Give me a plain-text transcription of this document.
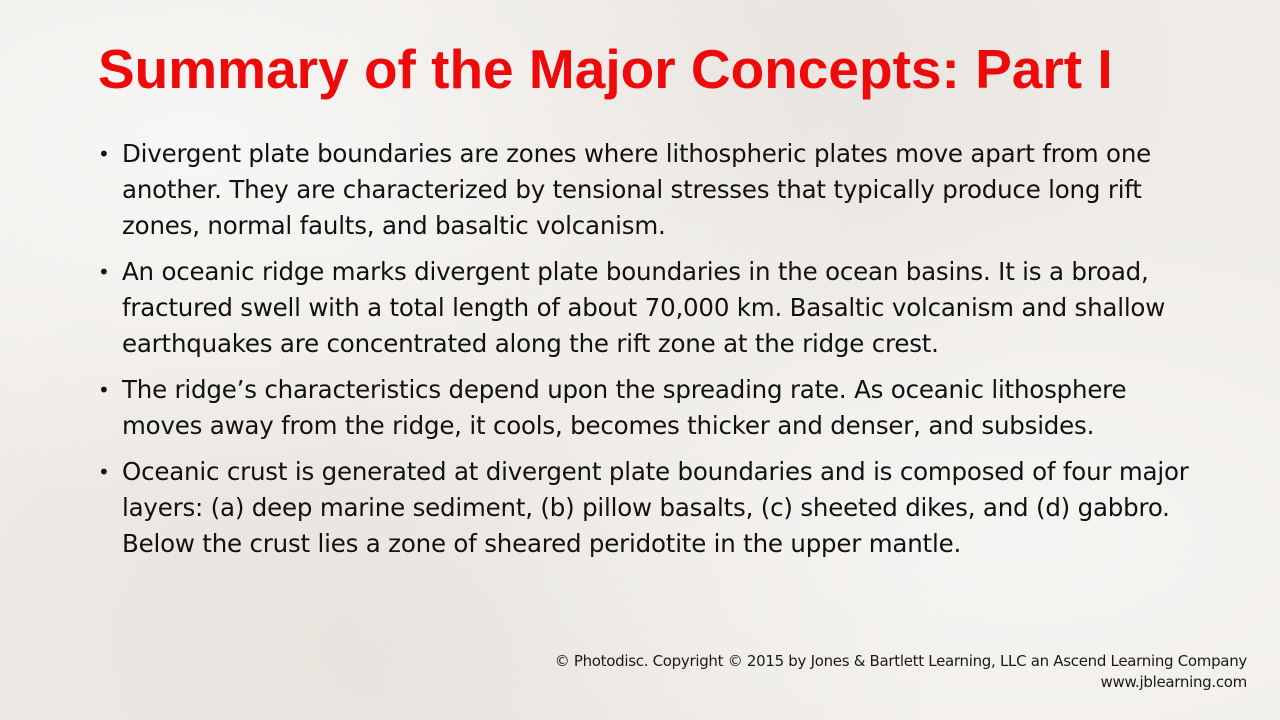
Summary of the Major Concepts: Part I
• Divergent plate boundaries are zones where lithospheric plates move apart from one another. They are characterized by tensional stresses that typically produce long rift zones, normal faults, and basaltic volcanism.
• An oceanic ridge marks divergent plate boundaries in the ocean basins. It is a broad, fractured swell with a total length of about 70,000 km. Basaltic volcanism and shallow earthquakes are concentrated along the rift zone at the ridge crest.
• The ridge’s characteristics depend upon the spreading rate. As oceanic lithosphere moves away from the ridge, it cools, becomes thicker and denser, and subsides.
• Oceanic crust is generated at divergent plate boundaries and is composed of four major layers: (a) deep marine sediment, (b) pillow basalts, (c) sheeted dikes, and (d) gabbro. Below the crust lies a zone of sheared peridotite in the upper mantle.
© Photodisc. Copyright © 2015 by Jones & Bartlett Learning, LLC an Ascend Learning Company
www.jblearning.com
